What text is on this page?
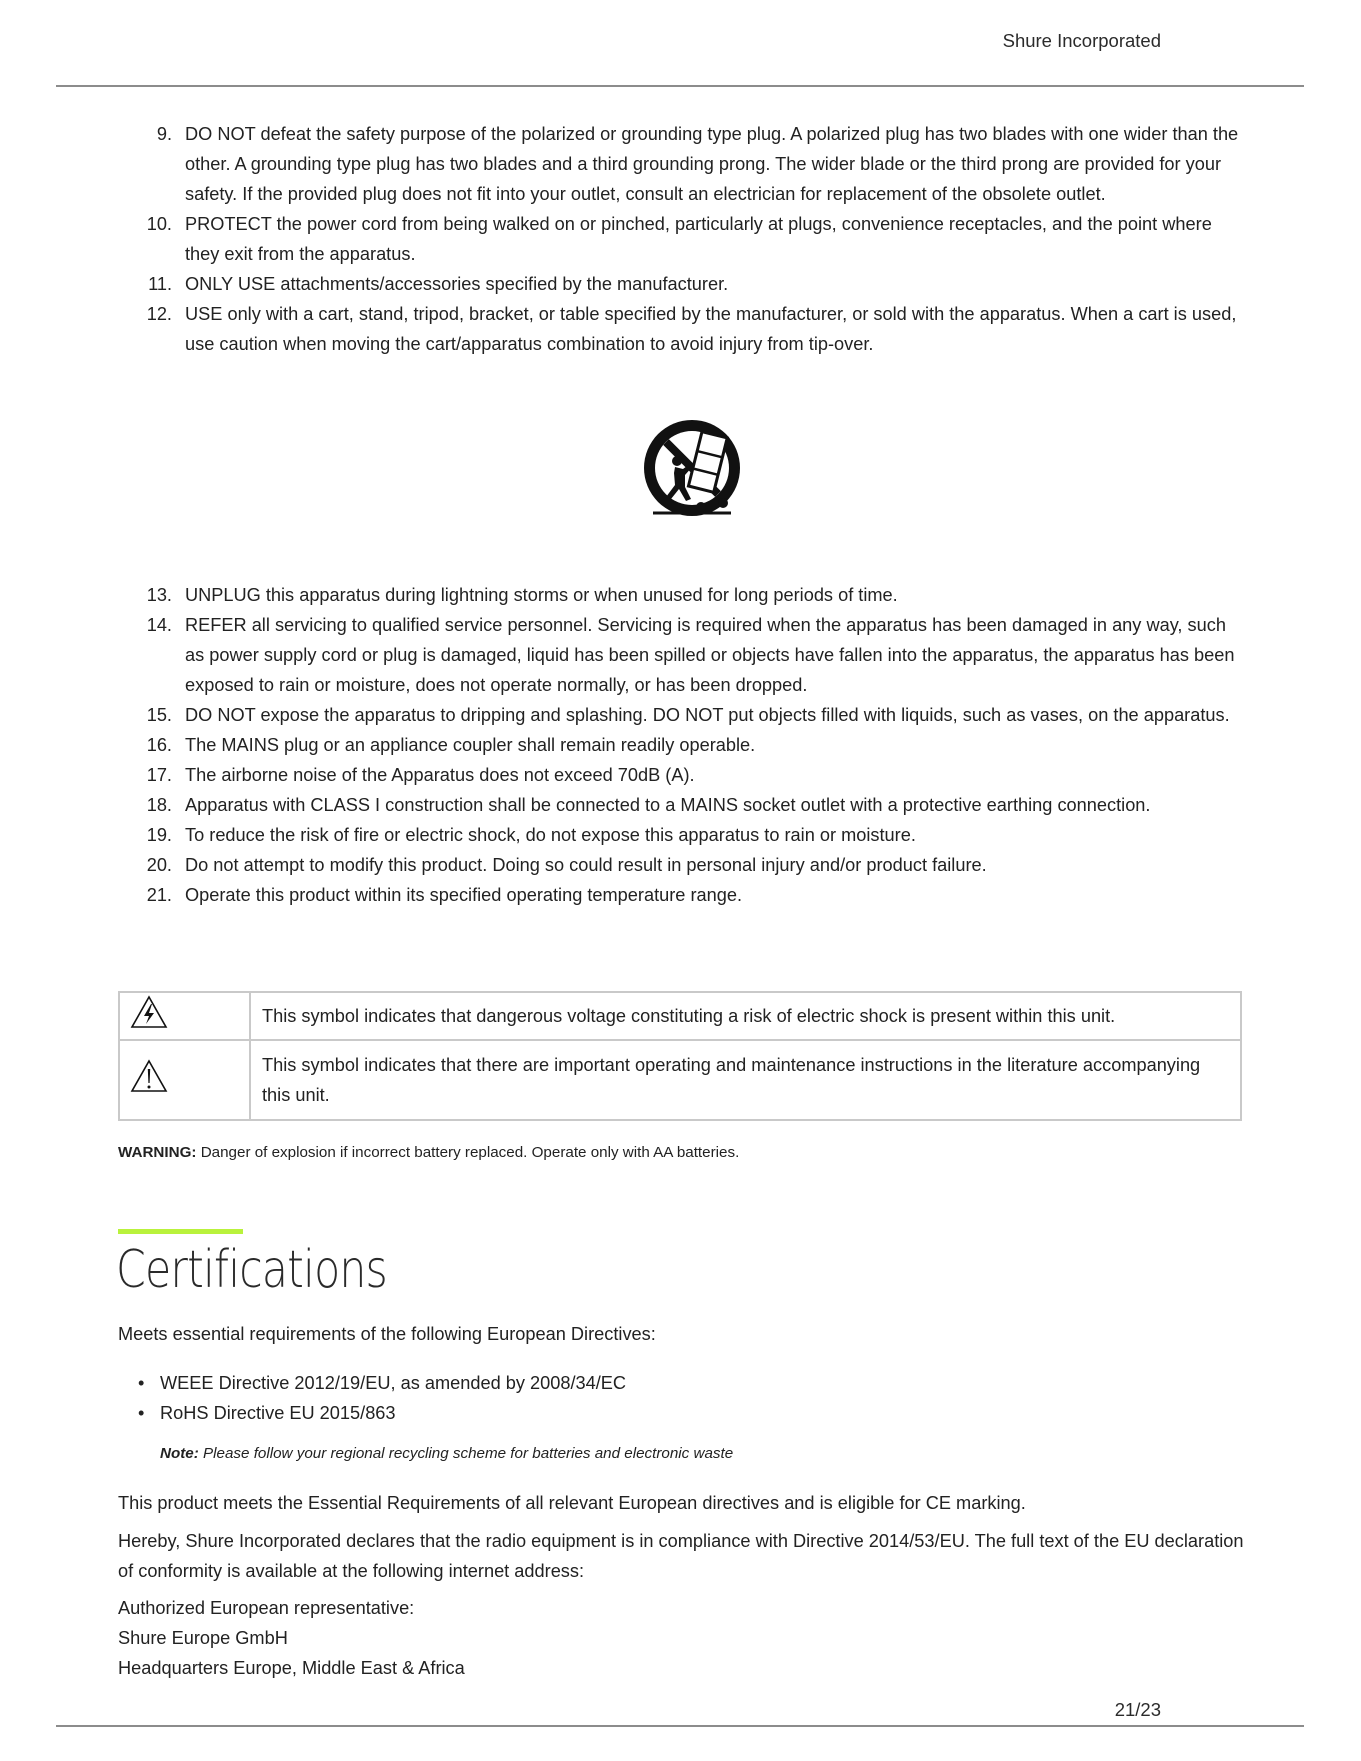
Shure Incorporated
9. DO NOT defeat the safety purpose of the polarized or grounding type plug. A polarized plug has two blades with one wider than the other. A grounding type plug has two blades and a third grounding prong. The wider blade or the third prong are provided for your safety. If the provided plug does not fit into your outlet, consult an electrician for replacement of the obsolete outlet.
10. PROTECT the power cord from being walked on or pinched, particularly at plugs, convenience receptacles, and the point where they exit from the apparatus.
11. ONLY USE attachments/accessories specified by the manufacturer.
12. USE only with a cart, stand, tripod, bracket, or table specified by the manufacturer, or sold with the apparatus. When a cart is used, use caution when moving the cart/apparatus combination to avoid injury from tip-over.
13. UNPLUG this apparatus during lightning storms or when unused for long periods of time.
14. REFER all servicing to qualified service personnel. Servicing is required when the apparatus has been damaged in any way, such as power supply cord or plug is damaged, liquid has been spilled or objects have fallen into the apparatus, the apparatus has been exposed to rain or moisture, does not operate normally, or has been dropped.
15. DO NOT expose the apparatus to dripping and splashing. DO NOT put objects filled with liquids, such as vases, on the apparatus.
16. The MAINS plug or an appliance coupler shall remain readily operable.
17. The airborne noise of the Apparatus does not exceed 70dB (A).
18. Apparatus with CLASS I construction shall be connected to a MAINS socket outlet with a protective earthing connection.
19. To reduce the risk of fire or electric shock, do not expose this apparatus to rain or moisture.
20. Do not attempt to modify this product. Doing so could result in personal injury and/or product failure.
21. Operate this product within its specified operating temperature range.
	This symbol indicates that dangerous voltage constituting a risk of electric shock is present within this unit.
	This symbol indicates that there are important operating and maintenance instructions in the literature accompanying this unit.
WARNING: Danger of explosion if incorrect battery replaced. Operate only with AA batteries.
Certifications

Meets essential requirements of the following European Directives:

• WEEE Directive 2012/19/EU, as amended by 2008/34/EC
• RoHS Directive EU 2015/863
Note: Please follow your regional recycling scheme for batteries and electronic waste

This product meets the Essential Requirements of all relevant European directives and is eligible for CE marking.

Hereby, Shure Incorporated declares that the radio equipment is in compliance with Directive 2014/53/EU. The full text of the EU declaration of conformity is available at the following internet address:

Authorized European representative:
Shure Europe GmbH
Headquarters Europe, Middle East & Africa
21/23
